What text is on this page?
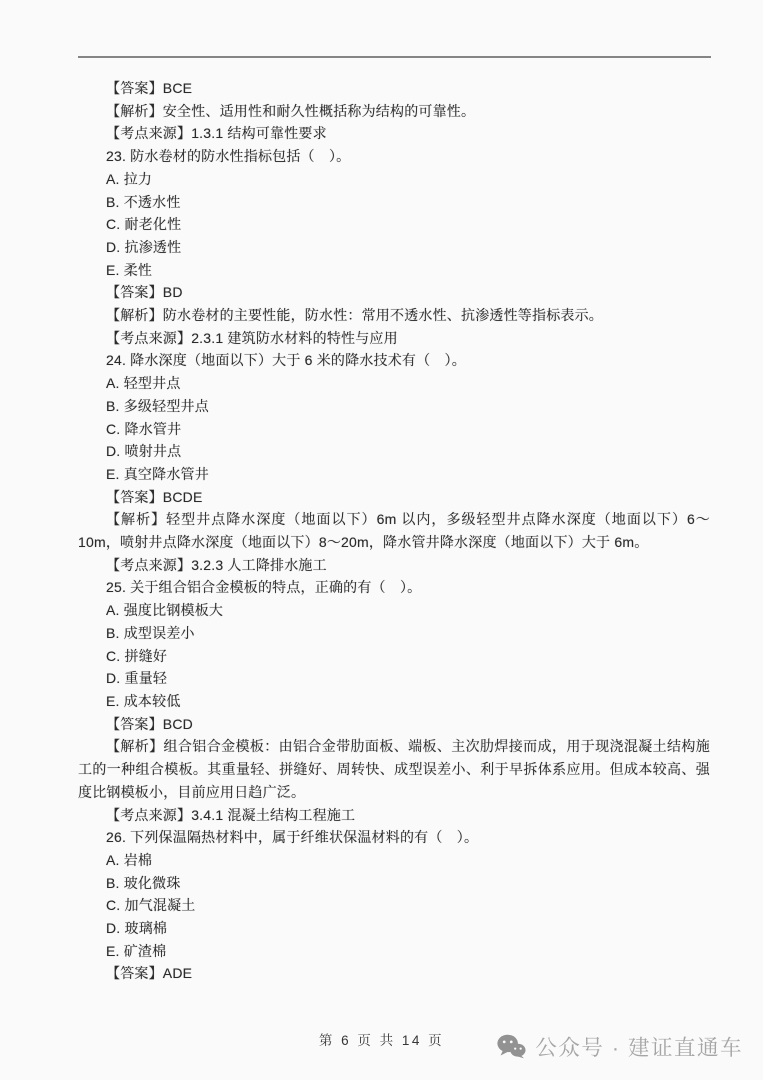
【答案】BCE

【解析】安全性、适用性和耐久性概括称为结构的可靠性。

【考点来源】1.3.1 结构可靠性要求

23. 防水卷材的防水性指标包括（　）。

A. 拉力

B. 不透水性

C. 耐老化性

D. 抗渗透性

E. 柔性

【答案】BD

【解析】防水卷材的主要性能，防水性：常用不透水性、抗渗透性等指标表示。

【考点来源】2.3.1 建筑防水材料的特性与应用

24. 降水深度（地面以下）大于 6 米的降水技术有（　）。

A. 轻型井点

B. 多级轻型井点

C. 降水管井

D. 喷射井点

E. 真空降水管井

【答案】BCDE

【解析】轻型井点降水深度（地面以下）6m 以内，多级轻型井点降水深度（地面以下）6～10m，喷射井点降水深度（地面以下）8～20m，降水管井降水深度（地面以下）大于 6m。

【考点来源】3.2.3 人工降排水施工

25. 关于组合铝合金模板的特点，正确的有（　）。

A. 强度比钢模板大

B. 成型误差小

C. 拼缝好

D. 重量轻

E. 成本较低

【答案】BCD

【解析】组合铝合金模板：由铝合金带肋面板、端板、主次肋焊接而成，用于现浇混凝土结构施工的一种组合模板。其重量轻、拼缝好、周转快、成型误差小、利于早拆体系应用。但成本较高、强度比钢模板小，目前应用日趋广泛。

【考点来源】3.4.1 混凝土结构工程施工

26. 下列保温隔热材料中，属于纤维状保温材料的有（　）。

A. 岩棉

B. 玻化微珠

C. 加气混凝土

D. 玻璃棉

E. 矿渣棉

【答案】ADE

第 6 页 共 14 页	公众号 · 建证直通车
